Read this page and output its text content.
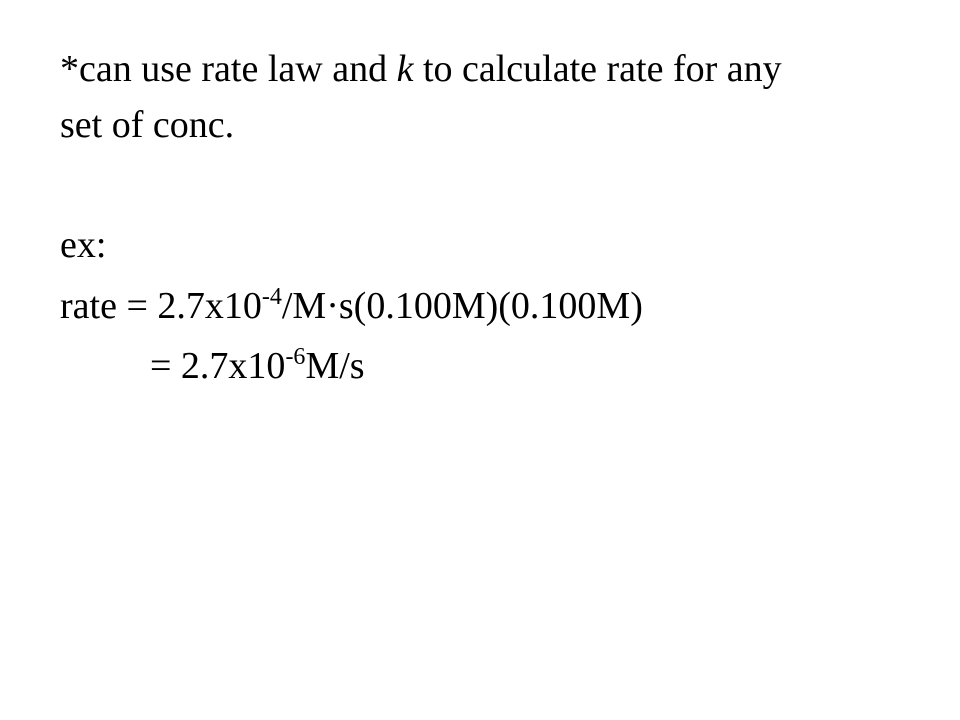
*can use rate law and k to calculate rate for any

set of conc.

ex:

rate = $2.7x10^{-4}/M\cdot s(0.100M)(0.100M)$

= $2.7x10^{-6}M/s$
